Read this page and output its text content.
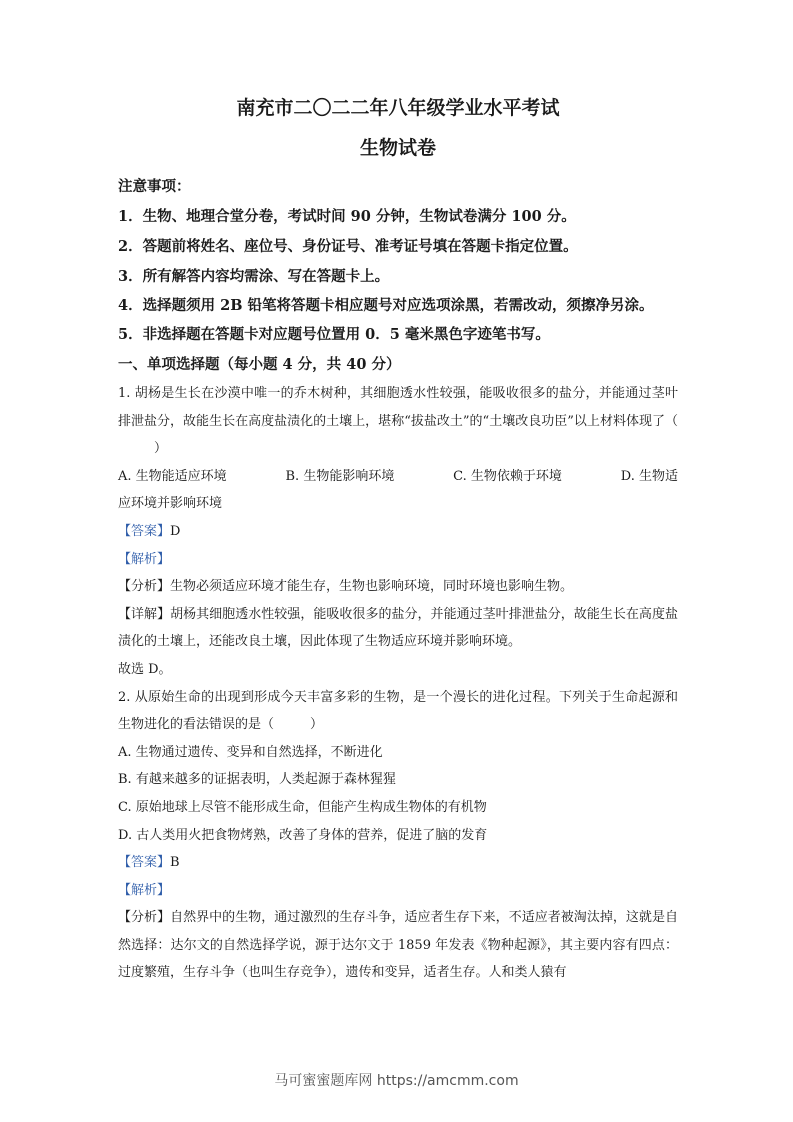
南充市二〇二二年八年级学业水平考试

生物试卷

注意事项：

1．生物、地理合堂分卷，考试时间 90 分钟，生物试卷满分 100 分。

2．答题前将姓名、座位号、身份证号、准考证号填在答题卡指定位置。

3．所有解答内容均需涂、写在答题卡上。

4．选择题须用 2B 铅笔将答题卡相应题号对应选项涂黑，若需改动，须擦净另涂。

5．非选择题在答题卡对应题号位置用 0．5 毫米黑色字迹笔书写。

一、单项选择题（每小题 4 分，共 40 分）

1. 胡杨是生长在沙漠中唯一的乔木树种，其细胞透水性较强，能吸收很多的盐分，并能通过茎叶排泄盐分，故能生长在高度盐渍化的土壤上，堪称“拔盐改土”的“土壤改良功臣”以上材料体现了（）

A. 生物能适应环境	B. 生物能影响环境	C. 生物依赖于环境	D. 生物适

应环境并影响环境

【答案】D

【解析】

【分析】生物必须适应环境才能生存，生物也影响环境，同时环境也影响生物。

【详解】胡杨其细胞透水性较强，能吸收很多的盐分，并能通过茎叶排泄盐分，故能生长在高度盐渍化的土壤上，还能改良土壤，因此体现了生物适应环境并影响环境。

故选 D。

2. 从原始生命的出现到形成今天丰富多彩的生物，是一个漫长的进化过程。下列关于生命起源和生物进化的看法错误的是（	）

A. 生物通过遗传、变异和自然选择，不断进化

B. 有越来越多的证据表明，人类起源于森林猩猩

C. 原始地球上尽管不能形成生命，但能产生构成生物体的有机物

D. 古人类用火把食物烤熟，改善了身体的营养，促进了脑的发育

【答案】B

【解析】

【分析】自然界中的生物，通过激烈的生存斗争，适应者生存下来，不适应者被淘汰掉，这就是自然选择：达尔文的自然选择学说，源于达尔文于 1859 年发表《物种起源》，其主要内容有四点：过度繁殖，生存斗争（也叫生存竞争），遗传和变异，适者生存。人和类人猿有

马可蜜蜜题库网 https://amcmm.com
